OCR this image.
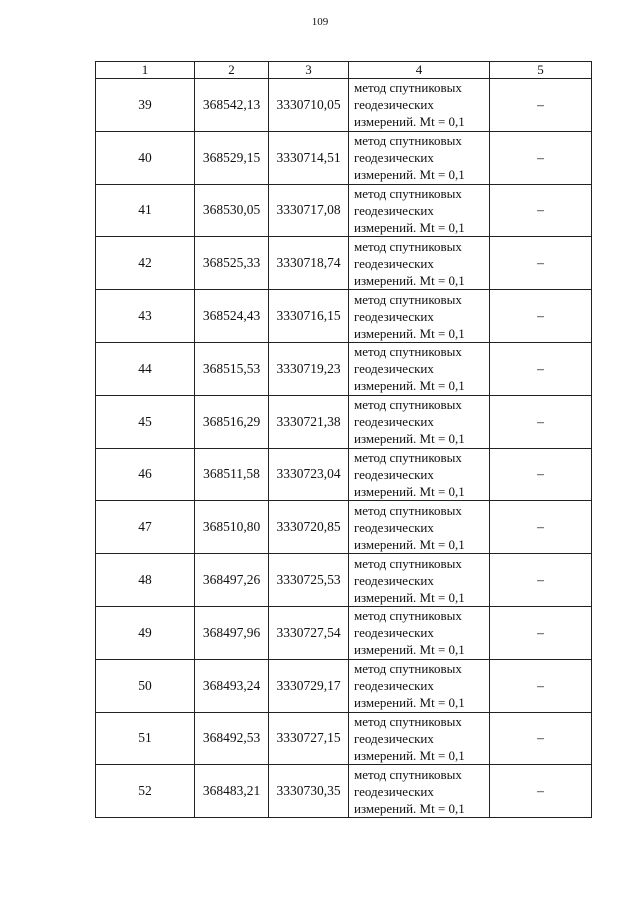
109
1	2	3	4	5
39	368542,13	3330710,05	метод спутниковых
геодезических
измерений. Mt = 0,1	–
40	368529,15	3330714,51	метод спутниковых
геодезических
измерений. Mt = 0,1	–
41	368530,05	3330717,08	метод спутниковых
геодезических
измерений. Mt = 0,1	–
42	368525,33	3330718,74	метод спутниковых
геодезических
измерений. Mt = 0,1	–
43	368524,43	3330716,15	метод спутниковых
геодезических
измерений. Mt = 0,1	–
44	368515,53	3330719,23	метод спутниковых
геодезических
измерений. Mt = 0,1	–
45	368516,29	3330721,38	метод спутниковых
геодезических
измерений. Mt = 0,1	–
46	368511,58	3330723,04	метод спутниковых
геодезических
измерений. Mt = 0,1	–
47	368510,80	3330720,85	метод спутниковых
геодезических
измерений. Mt = 0,1	–
48	368497,26	3330725,53	метод спутниковых
геодезических
измерений. Mt = 0,1	–
49	368497,96	3330727,54	метод спутниковых
геодезических
измерений. Mt = 0,1	–
50	368493,24	3330729,17	метод спутниковых
геодезических
измерений. Mt = 0,1	–
51	368492,53	3330727,15	метод спутниковых
геодезических
измерений. Mt = 0,1	–
52	368483,21	3330730,35	метод спутниковых
геодезических
измерений. Mt = 0,1	–
